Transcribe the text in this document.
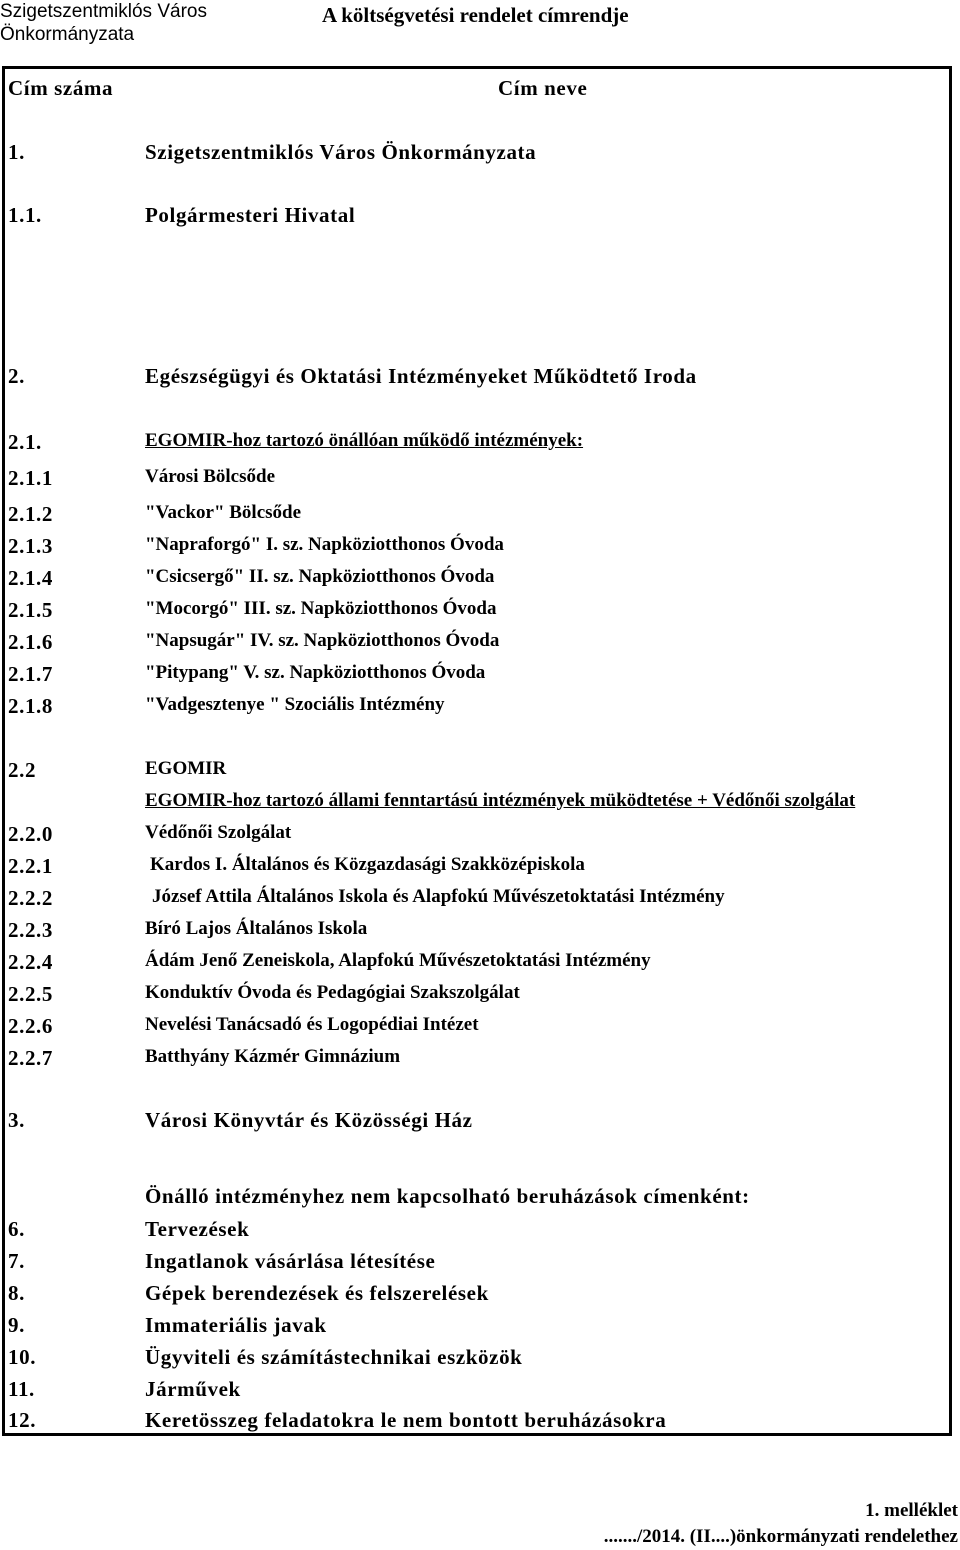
Szigetszentmiklós Város
Önkormányzata
A költségvetési rendelet címrendje
Cím száma	Cím neve
1.	Szigetszentmiklós Város Önkormányzata
1.1.	Polgármesteri Hivatal
2.	Egészségügyi és Oktatási Intézményeket Működtető Iroda
2.1.	EGOMIR-hoz tartozó önállóan működő intézmények:
2.1.1	Városi Bölcsőde
2.1.2	"Vackor" Bölcsőde
2.1.3	"Napraforgó" I. sz. Napköziotthonos Óvoda
2.1.4	"Csicsergő" II. sz. Napköziotthonos Óvoda
2.1.5	"Mocorgó" III. sz. Napköziotthonos Óvoda
2.1.6	"Napsugár" IV. sz. Napköziotthonos Óvoda
2.1.7	"Pitypang" V. sz. Napköziotthonos Óvoda
2.1.8	"Vadgesztenye " Szociális Intézmény
2.2	EGOMIR
EGOMIR-hoz tartozó állami fenntartású intézmények müködtetése + Védőnői szolgálat
2.2.0	Védőnői Szolgálat
2.2.1	Kardos I. Általános és Közgazdasági Szakközépiskola
2.2.2	József Attila Általános Iskola és Alapfokú Művészetoktatási Intézmény
2.2.3	Bíró Lajos Általános Iskola
2.2.4	Ádám Jenő Zeneiskola, Alapfokú Művészetoktatási Intézmény
2.2.5	Konduktív Óvoda és Pedagógiai Szakszolgálat
2.2.6	Nevelési Tanácsadó és Logopédiai Intézet
2.2.7	Batthyány Kázmér Gimnázium
3.	Városi Könyvtár és Közösségi Ház
Önálló intézményhez nem kapcsolható beruházások címenként:
6.	Tervezések
7.	Ingatlanok vásárlása létesítése
8.	Gépek berendezések és felszerelések
9.	Immateriális javak
10.	Ügyviteli és számítástechnikai eszközök
11.	Járművek
12.	Keretösszeg feladatokra le nem bontott beruházásokra
1. melléklet
......./2014. (II....)önkormányzati rendelethez
